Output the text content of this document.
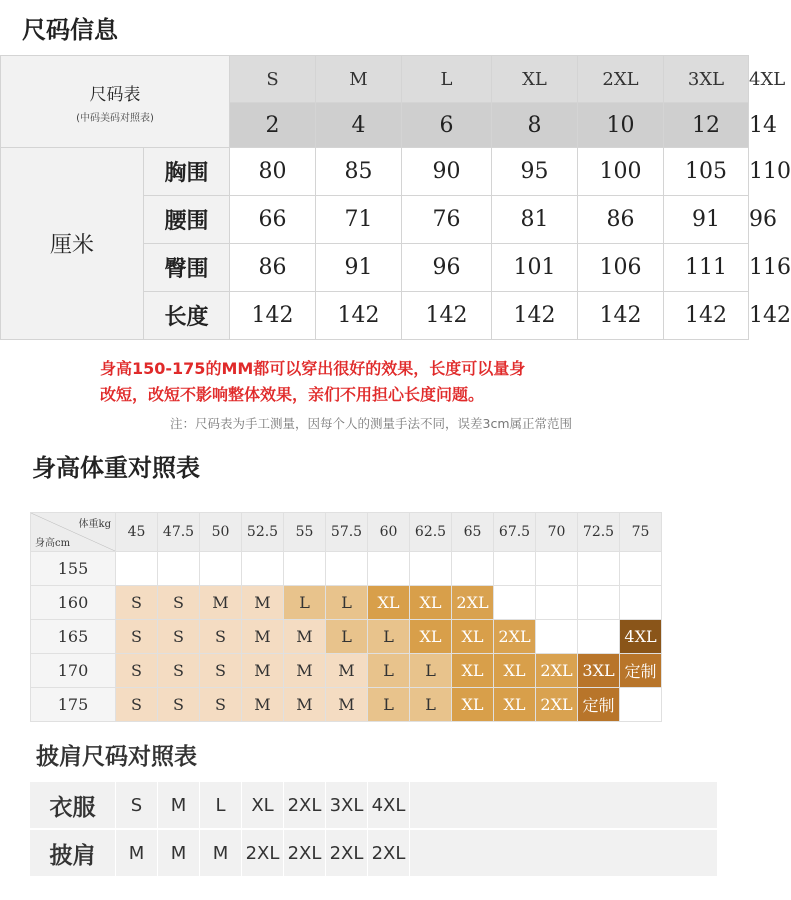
尺码信息
尺码表
(中码美码对照表)		S	M	L	XL	2XL	3XL	4XL
		2	4	6	8	10	12	14
厘米	胸围	80	85	90	95	100	105	110
	腰围	66	71	76	81	86	91	96
	臀围	86	91	96	101	106	111	116
	长度	142	142	142	142	142	142	142
身高150-175的MM都可以穿出很好的效果，长度可以量身
改短，改短不影响整体效果，亲们不用担心长度问题。
注：尺码表为手工测量，因每个人的测量手法不同，误差3cm属正常范围
身高体重对照表
体重kg
身高cm	45	47.5	50	52.5	55	57.5	60	62.5	65	67.5	70	72.5	75
155													
160	S	S	M	M	L	L	XL	XL	2XL				
165	S	S	S	M	M	L	L	XL	XL	2XL			4XL
170	S	S	S	M	M	M	L	L	XL	XL	2XL	3XL	定制
175	S	S	S	M	M	M	L	L	XL	XL	2XL	定制	
披肩尺码对照表
衣服	S	M	L	XL	2XL	3XL	4XL	
披肩	M	M	M	2XL	2XL	2XL	2XL	
